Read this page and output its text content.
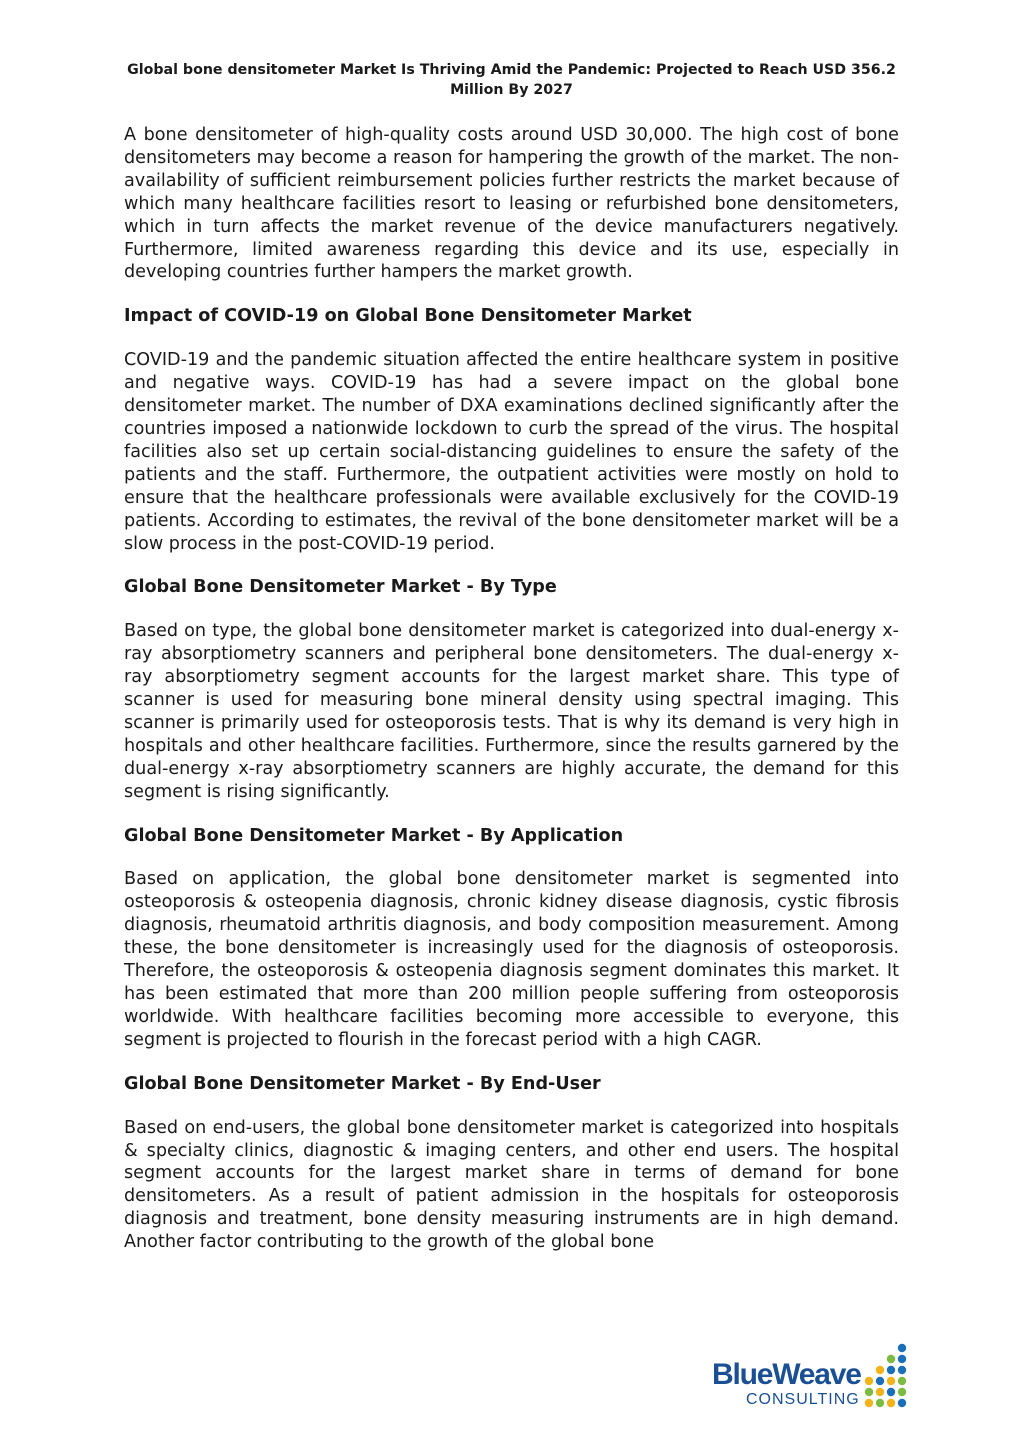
Global bone densitometer Market Is Thriving Amid the Pandemic: Projected to Reach USD 356.2 Million By 2027

A bone densitometer of high-quality costs around USD 30,000. The high cost of bone densitometers may become a reason for hampering the growth of the market. The non-availability of sufficient reimbursement policies further restricts the market because of which many healthcare facilities resort to leasing or refurbished bone densitometers, which in turn affects the market revenue of the device manufacturers negatively. Furthermore, limited awareness regarding this device and its use, especially in developing countries further hampers the market growth.

Impact of COVID-19 on Global Bone Densitometer Market

COVID-19 and the pandemic situation affected the entire healthcare system in positive and negative ways. COVID-19 has had a severe impact on the global bone densitometer market. The number of DXA examinations declined significantly after the countries imposed a nationwide lockdown to curb the spread of the virus. The hospital facilities also set up certain social-distancing guidelines to ensure the safety of the patients and the staff. Furthermore, the outpatient activities were mostly on hold to ensure that the healthcare professionals were available exclusively for the COVID-19 patients. According to estimates, the revival of the bone densitometer market will be a slow process in the post-COVID-19 period.

Global Bone Densitometer Market - By Type

Based on type, the global bone densitometer market is categorized into dual-energy x-ray absorptiometry scanners and peripheral bone densitometers. The dual-energy x-ray absorptiometry segment accounts for the largest market share. This type of scanner is used for measuring bone mineral density using spectral imaging. This scanner is primarily used for osteoporosis tests. That is why its demand is very high in hospitals and other healthcare facilities. Furthermore, since the results garnered by the dual-energy x-ray absorptiometry scanners are highly accurate, the demand for this segment is rising significantly.

Global Bone Densitometer Market - By Application

Based on application, the global bone densitometer market is segmented into osteoporosis & osteopenia diagnosis, chronic kidney disease diagnosis, cystic fibrosis diagnosis, rheumatoid arthritis diagnosis, and body composition measurement. Among these, the bone densitometer is increasingly used for the diagnosis of osteoporosis. Therefore, the osteoporosis & osteopenia diagnosis segment dominates this market. It has been estimated that more than 200 million people suffering from osteoporosis worldwide. With healthcare facilities becoming more accessible to everyone, this segment is projected to flourish in the forecast period with a high CAGR.

Global Bone Densitometer Market - By End-User

Based on end-users, the global bone densitometer market is categorized into hospitals & specialty clinics, diagnostic & imaging centers, and other end users. The hospital segment accounts for the largest market share in terms of demand for bone densitometers. As a result of patient admission in the hospitals for osteoporosis diagnosis and treatment, bone density measuring instruments are in high demand. Another factor contributing to the growth of the global bone

BlueWeave
CONSULTING
